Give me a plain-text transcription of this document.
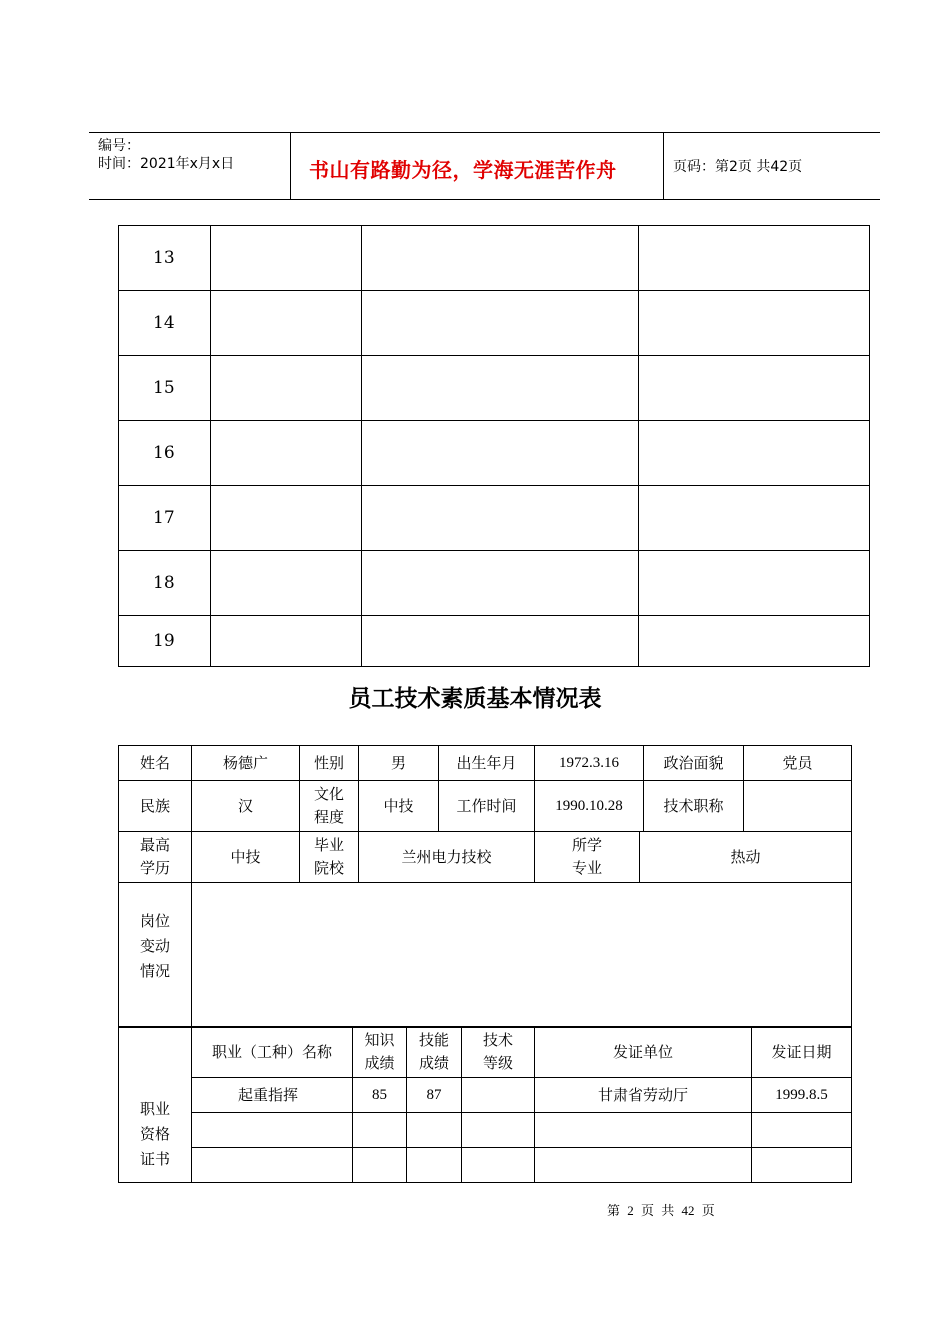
编号：
时间：2021年x月x日	书山有路勤为径，学海无涯苦作舟	页码：第2页 共42页
13			
14			
15			
16			
17			
18			
19			
员工技术素质基本情况表
姓名	杨德广	性别	男	出生年月	1972.3.16	政治面貌	党员
民族	汉	文化程度	中技	工作时间	1990.10.28	技术职称	
最高学历	中技	毕业院校	兰州电力技校	所学专业	热动
岗位变动情况					
职业资格证书	职业（工种）名称	知识成绩	技能成绩	技术等级	发证单位	发证日期
	起重指挥	85	87		甘肃省劳动厅	1999.8.5

第 2 页 共 42 页
